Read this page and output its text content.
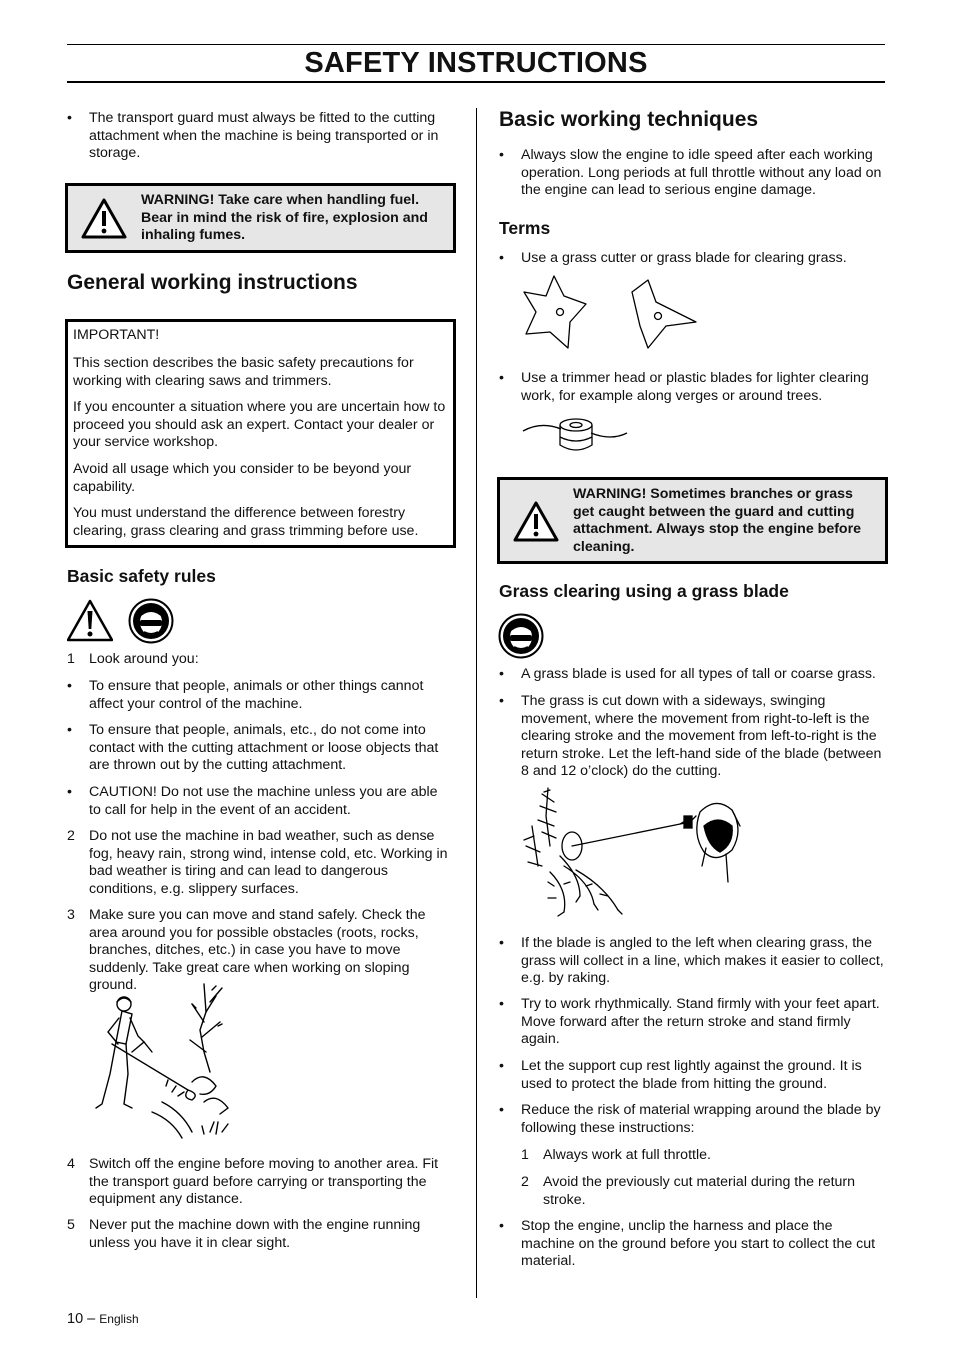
SAFETY INSTRUCTIONS
•	The transport guard must always be fitted to the cutting attachment when the machine is being transported or in storage.
WARNING! Take care when handling fuel. Bear in mind the risk of fire, explosion and inhaling fumes.
General working instructions
IMPORTANT!
This section describes the basic safety precautions for working with clearing saws and trimmers.
If you encounter a situation where you are uncertain how to proceed you should ask an expert. Contact your dealer or your service workshop.
Avoid all usage which you consider to be beyond your capability.
You must understand the difference between forestry clearing, grass clearing and grass trimming before use.
Basic safety rules
1 Look around you:
•	To ensure that people, animals or other things cannot affect your control of the machine.
•	To ensure that people, animals, etc., do not come into contact with the cutting attachment or loose objects that are thrown out by the cutting attachment.
•	CAUTION! Do not use the machine unless you are able to call for help in the event of an accident.
2 Do not use the machine in bad weather, such as dense fog, heavy rain, strong wind, intense cold, etc. Working in bad weather is tiring and can lead to dangerous conditions, e.g. slippery surfaces.
3 Make sure you can move and stand safely. Check the area around you for possible obstacles (roots, rocks, branches, ditches, etc.) in case you have to move suddenly. Take great care when working on sloping ground.
4 Switch off the engine before moving to another area. Fit the transport guard before carrying or transporting the equipment any distance.
5 Never put the machine down with the engine running unless you have it in clear sight.
Basic working techniques
•	Always slow the engine to idle speed after each working operation. Long periods at full throttle without any load on the engine can lead to serious engine damage.
Terms
•	Use a grass cutter or grass blade for clearing grass.
•	Use a trimmer head or plastic blades for lighter clearing work, for example along verges or around trees.
WARNING! Sometimes branches or grass get caught between the guard and cutting attachment. Always stop the engine before cleaning.
Grass clearing using a grass blade
•	A grass blade is used for all types of tall or coarse grass.
•	The grass is cut down with a sideways, swinging movement, where the movement from right-to-left is the clearing stroke and the movement from left-to-right is the return stroke. Let the left-hand side of the blade (between 8 and 12 o’clock) do the cutting.
•	If the blade is angled to the left when clearing grass, the grass will collect in a line, which makes it easier to collect, e.g. by raking.
•	Try to work rhythmically. Stand firmly with your feet apart. Move forward after the return stroke and stand firmly again.
•	Let the support cup rest lightly against the ground. It is used to protect the blade from hitting the ground.
•	Reduce the risk of material wrapping around the blade by following these instructions:
1 Always work at full throttle.
2 Avoid the previously cut material during the return stroke.
•	Stop the engine, unclip the harness and place the machine on the ground before you start to collect the cut material.
10 – English
